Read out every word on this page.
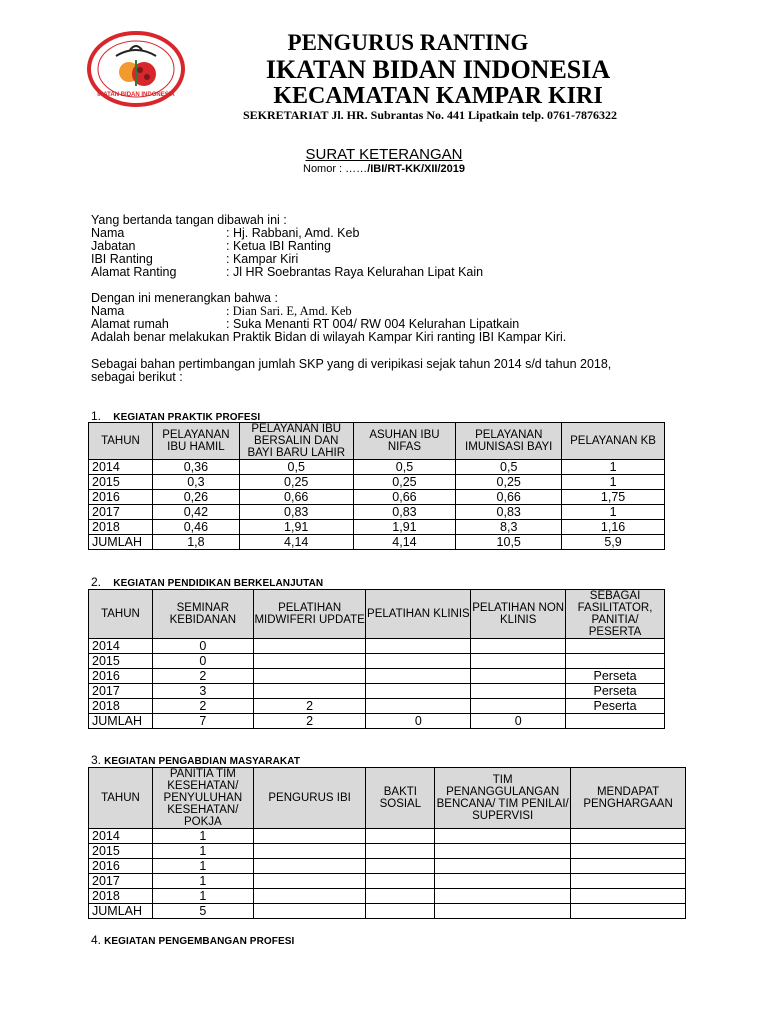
IKATAN BIDAN INDONESIA
PENGURUS RANTING
IKATAN BIDAN INDONESIA
KECAMATAN KAMPAR KIRI
SEKRETARIAT Jl. HR. Subrantas No. 441 Lipatkain telp. 0761-7876322
SURAT KETERANGAN
Nomor : ……/IBI/RT-KK/XII/2019
Yang bertanda tangan dibawah ini :
Nama	: Hj. Rabbani, Amd. Keb
Jabatan	: Ketua IBI Ranting
IBI Ranting	: Kampar Kiri
Alamat Ranting	: Jl HR Soebrantas Raya Kelurahan Lipat Kain
Dengan ini menerangkan bahwa :
Nama	: Dian Sari. E, Amd. Keb
Alamat rumah	: Suka Menanti RT 004/ RW 004 Kelurahan Lipatkain
Adalah benar melakukan Praktik Bidan di wilayah Kampar Kiri ranting IBI Kampar Kiri.
Sebagai bahan pertimbangan jumlah SKP yang di veripikasi sejak tahun 2014 s/d tahun 2018,
sebagai berikut :
1. KEGIATAN PRAKTIK PROFESI
TAHUN	PELAYANAN IBU HAMIL	PELAYANAN IBU BERSALIN DAN BAYI BARU LAHIR	ASUHAN IBU NIFAS	PELAYANAN IMUNISASI BAYI	PELAYANAN KB
2014	0,36	0,5	0,5	0,5	1
2015	0,3	0,25	0,25	0,25	1
2016	0,26	0,66	0,66	0,66	1,75
2017	0,42	0,83	0,83	0,83	1
2018	0,46	1,91	1,91	8,3	1,16
JUMLAH	1,8	4,14	4,14	10,5	5,9
2. KEGIATAN PENDIDIKAN BERKELANJUTAN
TAHUN	SEMINAR KEBIDANAN	PELATIHAN MIDWIFERI UPDATE	PELATIHAN KLINIS	PELATIHAN NON KLINIS	SEBAGAI FASILITATOR, PANITIA/ PESERTA
2014	0				
2015	0				
2016	2				Perseta
2017	3				Perseta
2018	2	2			Peserta
JUMLAH	7	2	0	0	
3. KEGIATAN PENGABDIAN MASYARAKAT
TAHUN	PANITIA TIM KESEHATAN/ PENYULUHAN KESEHATAN/ POKJA	PENGURUS IBI	BAKTI SOSIAL	TIM PENANGGULANGAN BENCANA/ TIM PENILAI/ SUPERVISI	MENDAPAT PENGHARGAAN
2014	1				
2015	1				
2016	1				
2017	1				
2018	1				
JUMLAH	5				
4. KEGIATAN PENGEMBANGAN PROFESI
